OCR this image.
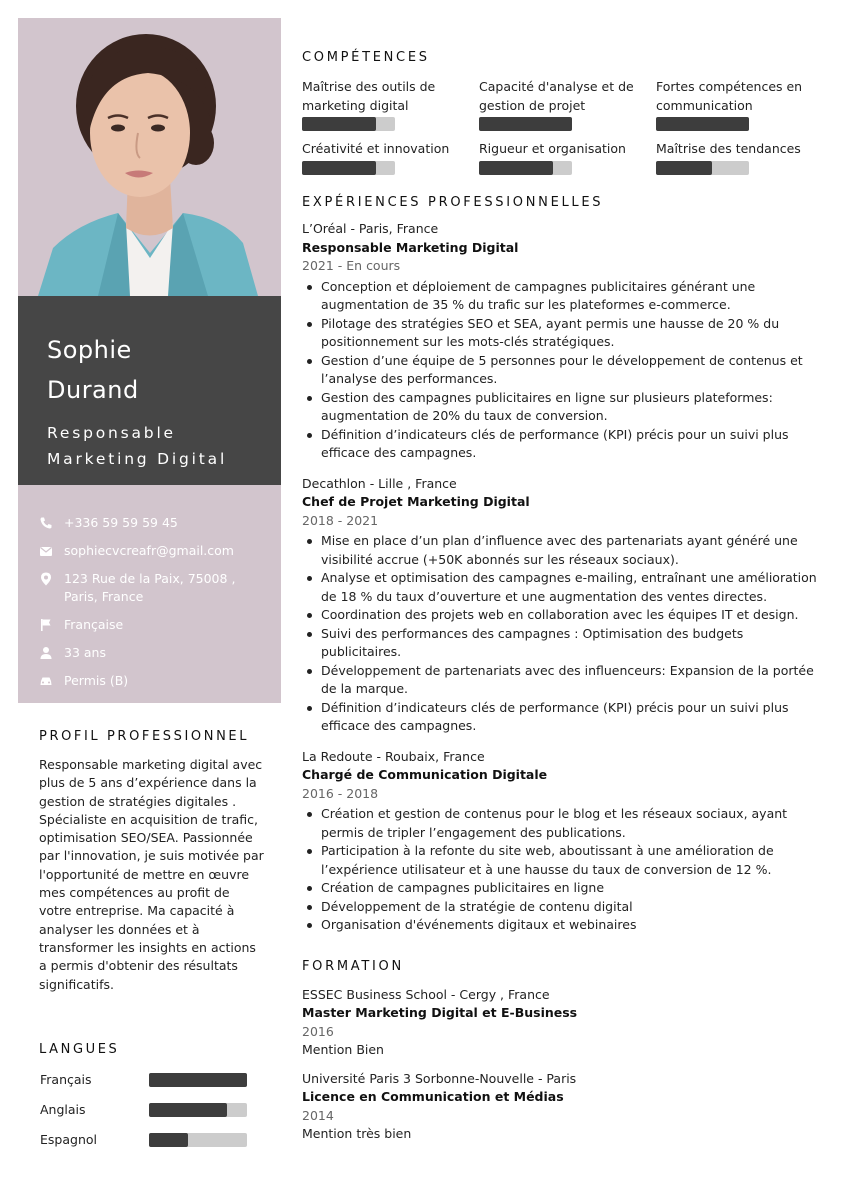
Sophie
Durand
Responsable
Marketing Digital
+336 59 59 59 45
sophiecvcreafr@gmail.com
123 Rue de la Paix, 75008 , Paris, France
Française
33 ans
Permis (B)
PROFIL PROFESSIONNEL

Responsable marketing digital avec plus de 5 ans d’expérience dans la gestion de stratégies digitales . Spécialiste en acquisition de trafic, optimisation SEO/SEA. Passionnée par l'innovation, je suis motivée par l'opportunité de mettre en œuvre mes compétences au profit de votre entreprise. Ma capacité à analyser les données et à transformer les insights en actions a permis d'obtenir des résultats significatifs.

LANGUES
Français
Anglais
Espagnol
COMPÉTENCES
Maîtrise des outils de marketing digital
Capacité d'analyse et de gestion de projet
Fortes compétences en communication
Créativité et innovation	Rigueur et organisation	Maîtrise des tendances
EXPÉRIENCES PROFESSIONNELLES
L’Oréal - Paris, France
Responsable Marketing Digital
2021 - En cours
Conception et déploiement de campagnes publicitaires générant une augmentation de 35 % du trafic sur les plateformes e-commerce.
Pilotage des stratégies SEO et SEA, ayant permis une hausse de 20 % du positionnement sur les mots-clés stratégiques.
Gestion d’une équipe de 5 personnes pour le développement de contenus et l’analyse des performances.
Gestion des campagnes publicitaires en ligne sur plusieurs plateformes: augmentation de 20% du taux de conversion.
Définition d’indicateurs clés de performance (KPI) précis pour un suivi plus efficace des campagnes.
Decathlon - Lille , France
Chef de Projet Marketing Digital
2018 - 2021
Mise en place d’un plan d’influence avec des partenariats ayant généré une visibilité accrue (+50K abonnés sur les réseaux sociaux).
Analyse et optimisation des campagnes e-mailing, entraînant une amélioration de 18 % du taux d’ouverture et une augmentation des ventes directes.
Coordination des projets web en collaboration avec les équipes IT et design.
Suivi des performances des campagnes : Optimisation des budgets publicitaires.
Développement de partenariats avec des influenceurs: Expansion de la portée de la marque.
Définition d’indicateurs clés de performance (KPI) précis pour un suivi plus efficace des campagnes.
La Redoute - Roubaix, France
Chargé de Communication Digitale
2016 - 2018
Création et gestion de contenus pour le blog et les réseaux sociaux, ayant permis de tripler l’engagement des publications.
Participation à la refonte du site web, aboutissant à une amélioration de l’expérience utilisateur et à une hausse du taux de conversion de 12 %.
Création de campagnes publicitaires en ligne
Développement de la stratégie de contenu digital
Organisation d'événements digitaux et webinaires
FORMATION
ESSEC Business School - Cergy , France
Master Marketing Digital et E-Business
2016
Mention Bien
Université Paris 3 Sorbonne-Nouvelle - Paris
Licence en Communication et Médias
2014
Mention très bien
